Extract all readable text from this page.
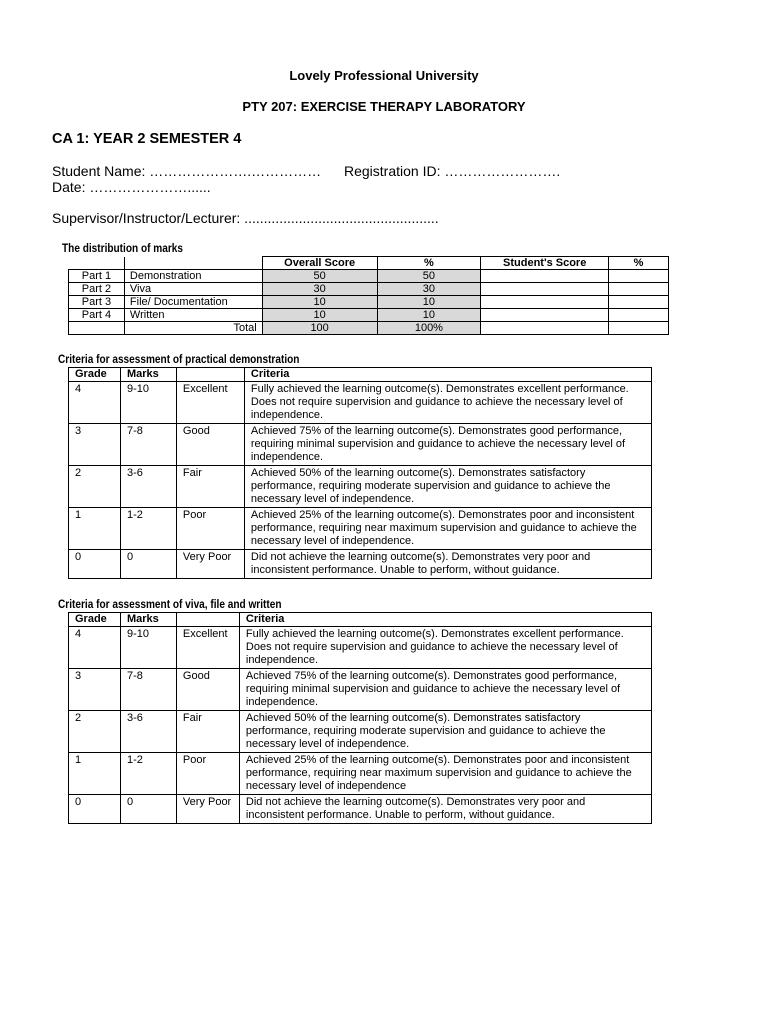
Lovely Professional University
PTY 207: EXERCISE THERAPY LABORATORY
CA 1: YEAR 2 SEMESTER 4
Student Name: ………………….…………… Registration ID: …………………….
Date: …………………......
Supervisor/Instructor/Lecturer: ..................................................
The distribution of marks
		Overall Score	%	Student's Score	%
Part 1	Demonstration	50	50		
Part 2	Viva	30	30		
Part 3	File/ Documentation	10	10		
Part 4	Written	10	10		
	Total	100	100%		
Criteria for assessment of practical demonstration
Grade	Marks		Criteria
4	9-10	Excellent	Fully achieved the learning outcome(s). Demonstrates excellent performance. Does not require supervision and guidance to achieve the necessary level of independence.
3	7-8	Good	Achieved 75% of the learning outcome(s). Demonstrates good performance, requiring minimal supervision and guidance to achieve the necessary level of independence.
2	3-6	Fair	Achieved 50% of the learning outcome(s). Demonstrates satisfactory performance, requiring moderate supervision and guidance to achieve the necessary level of independence.
1	1-2	Poor	Achieved 25% of the learning outcome(s). Demonstrates poor and inconsistent performance, requiring near maximum supervision and guidance to achieve the necessary level of independence.
0	0	Very Poor	Did not achieve the learning outcome(s). Demonstrates very poor and inconsistent performance. Unable to perform, without guidance.
Criteria for assessment of viva, file and written
Grade	Marks		Criteria
4	9-10	Excellent	Fully achieved the learning outcome(s). Demonstrates excellent performance. Does not require supervision and guidance to achieve the necessary level of independence.
3	7-8	Good	Achieved 75% of the learning outcome(s). Demonstrates good performance, requiring minimal supervision and guidance to achieve the necessary level of independence.
2	3-6	Fair	Achieved 50% of the learning outcome(s). Demonstrates satisfactory performance, requiring moderate supervision and guidance to achieve the necessary level of independence.
1	1-2	Poor	Achieved 25% of the learning outcome(s). Demonstrates poor and inconsistent performance, requiring near maximum supervision and guidance to achieve the necessary level of independence
0	0	Very Poor	Did not achieve the learning outcome(s). Demonstrates very poor and inconsistent performance. Unable to perform, without guidance.
